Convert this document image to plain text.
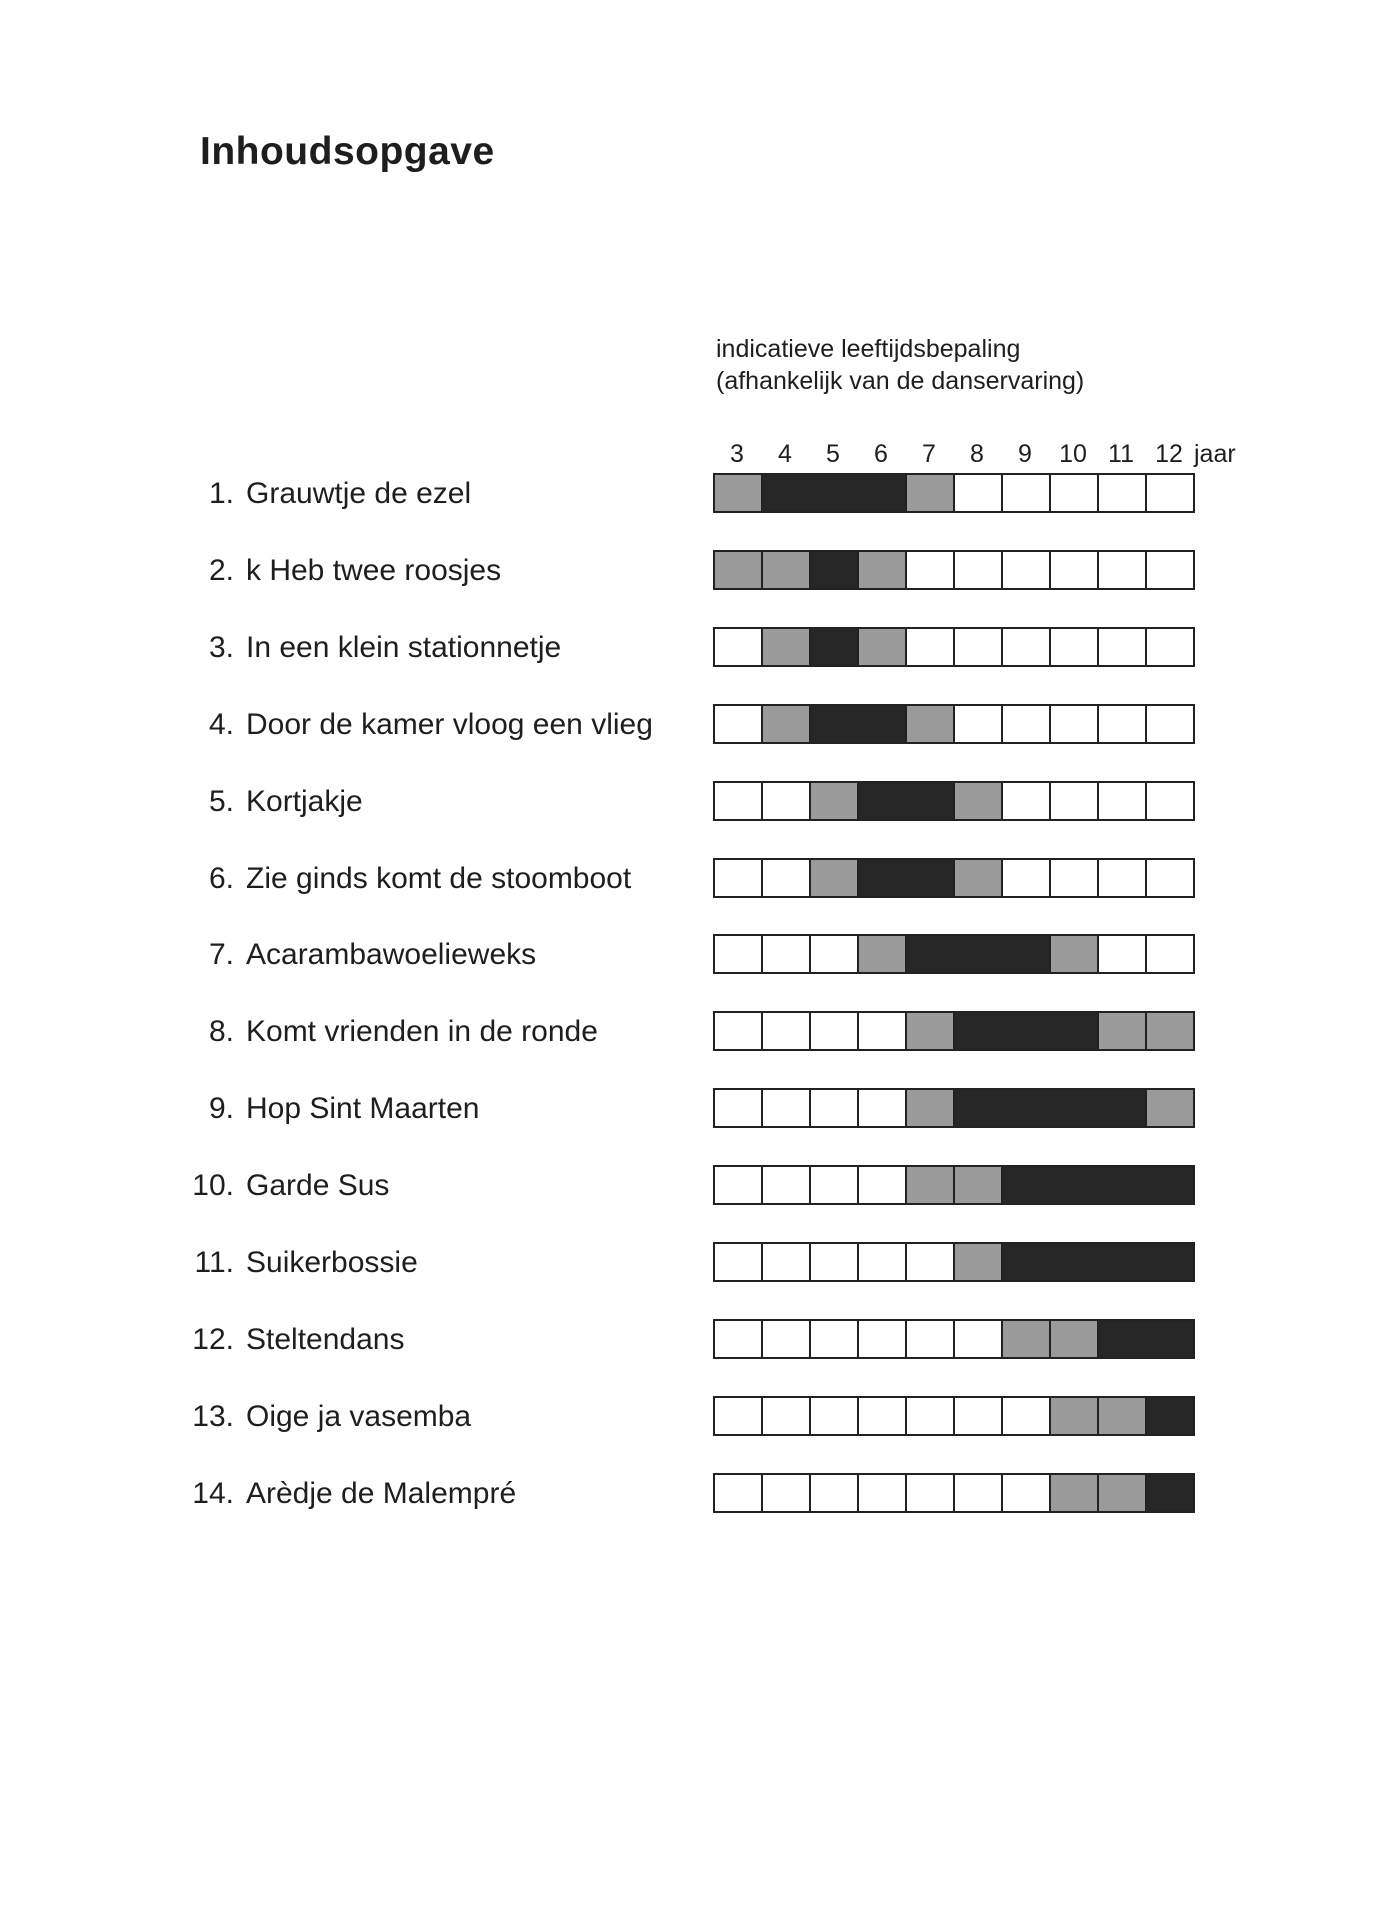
Inhoudsopgave
indicatieve leeftijdsbepaling
(afhankelijk van de danservaring)
jaar
3	4	5	6	7	8	9	10 11 12
1. Grauwtje de ezel
2. k Heb twee roosjes
3. In een klein stationnetje
4. Door de kamer vloog een vlieg
5. Kortjakje
6. Zie ginds komt de stoomboot
7. Acarambawoelieweks
8. Komt vrienden in de ronde
9. Hop Sint Maarten
10. Garde Sus
11. Suikerbossie
12. Steltendans
13. Oige ja vasemba
14. Arèdje de Malempré
